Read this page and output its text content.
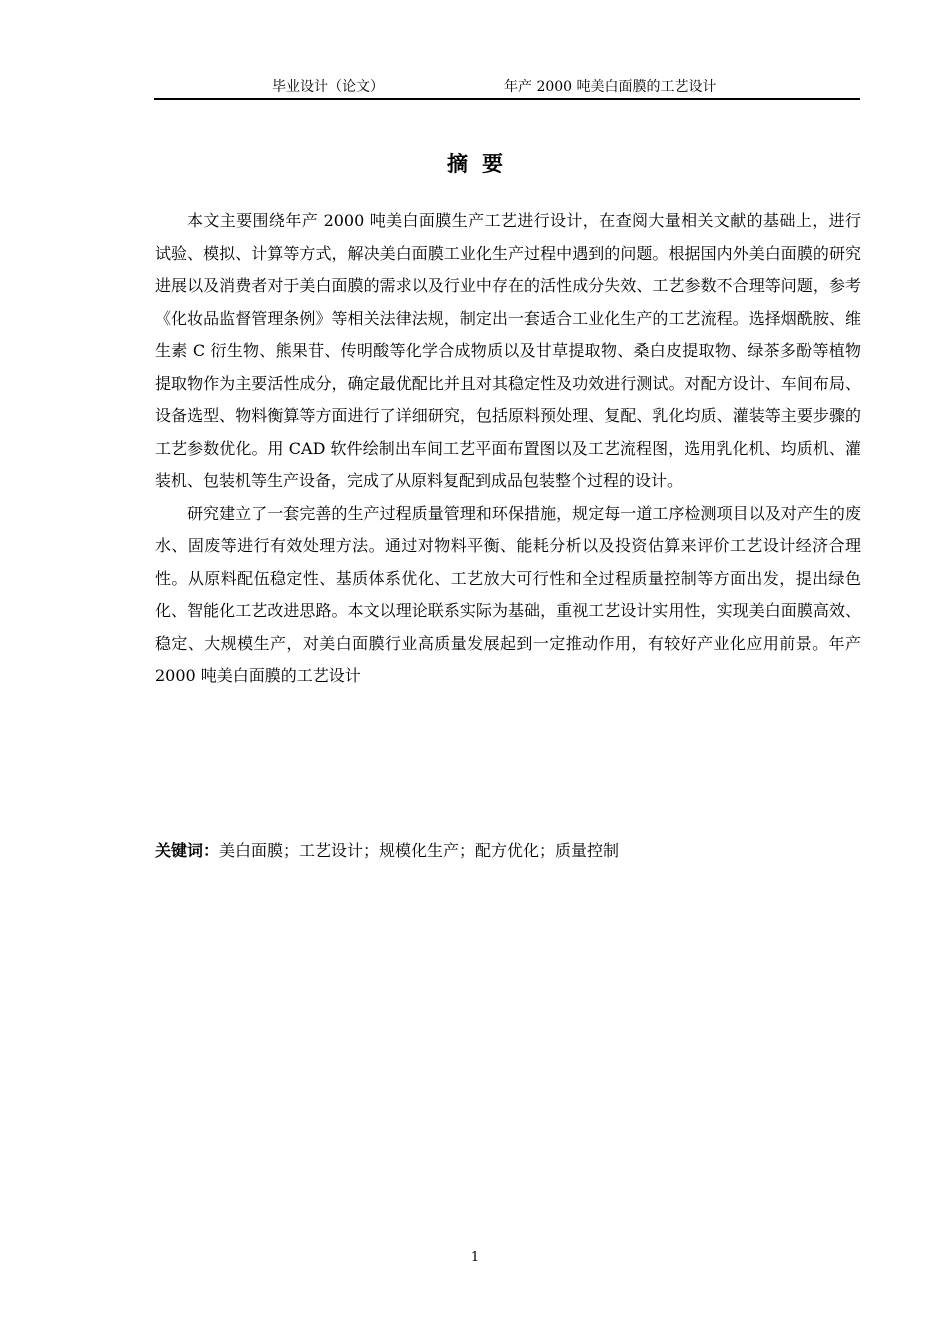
毕业设计（论文）	年产 2000 吨美白面膜的工艺设计
摘要

本文主要围绕年产 2000 吨美白面膜生产工艺进行设计，在查阅大量相关文献的基础上，进行试验、模拟、计算等方式，解决美白面膜工业化生产过程中遇到的问题。根据国内外美白面膜的研究进展以及消费者对于美白面膜的需求以及行业中存在的活性成分失效、工艺参数不合理等问题，参考《化妆品监督管理条例》等相关法律法规，制定出一套适合工业化生产的工艺流程。选择烟酰胺、维生素 C 衍生物、熊果苷、传明酸等化学合成物质以及甘草提取物、桑白皮提取物、绿茶多酚等植物提取物作为主要活性成分，确定最优配比并且对其稳定性及功效进行测试。对配方设计、车间布局、设备选型、物料衡算等方面进行了详细研究，包括原料预处理、复配、乳化均质、灌装等主要步骤的工艺参数优化。用 CAD 软件绘制出车间工艺平面布置图以及工艺流程图，选用乳化机、均质机、灌装机、包装机等生产设备，完成了从原料复配到成品包装整个过程的设计。

研究建立了一套完善的生产过程质量管理和环保措施，规定每一道工序检测项目以及对产生的废水、固废等进行有效处理方法。通过对物料平衡、能耗分析以及投资估算来评价工艺设计经济合理性。从原料配伍稳定性、基质体系优化、工艺放大可行性和全过程质量控制等方面出发，提出绿色化、智能化工艺改进思路。本文以理论联系实际为基础，重视工艺设计实用性，实现美白面膜高效、稳定、大规模生产，对美白面膜行业高质量发展起到一定推动作用，有较好产业化应用前景。年产 2000 吨美白面膜的工艺设计

关键词：美白面膜；工艺设计；规模化生产；配方优化；质量控制
1
